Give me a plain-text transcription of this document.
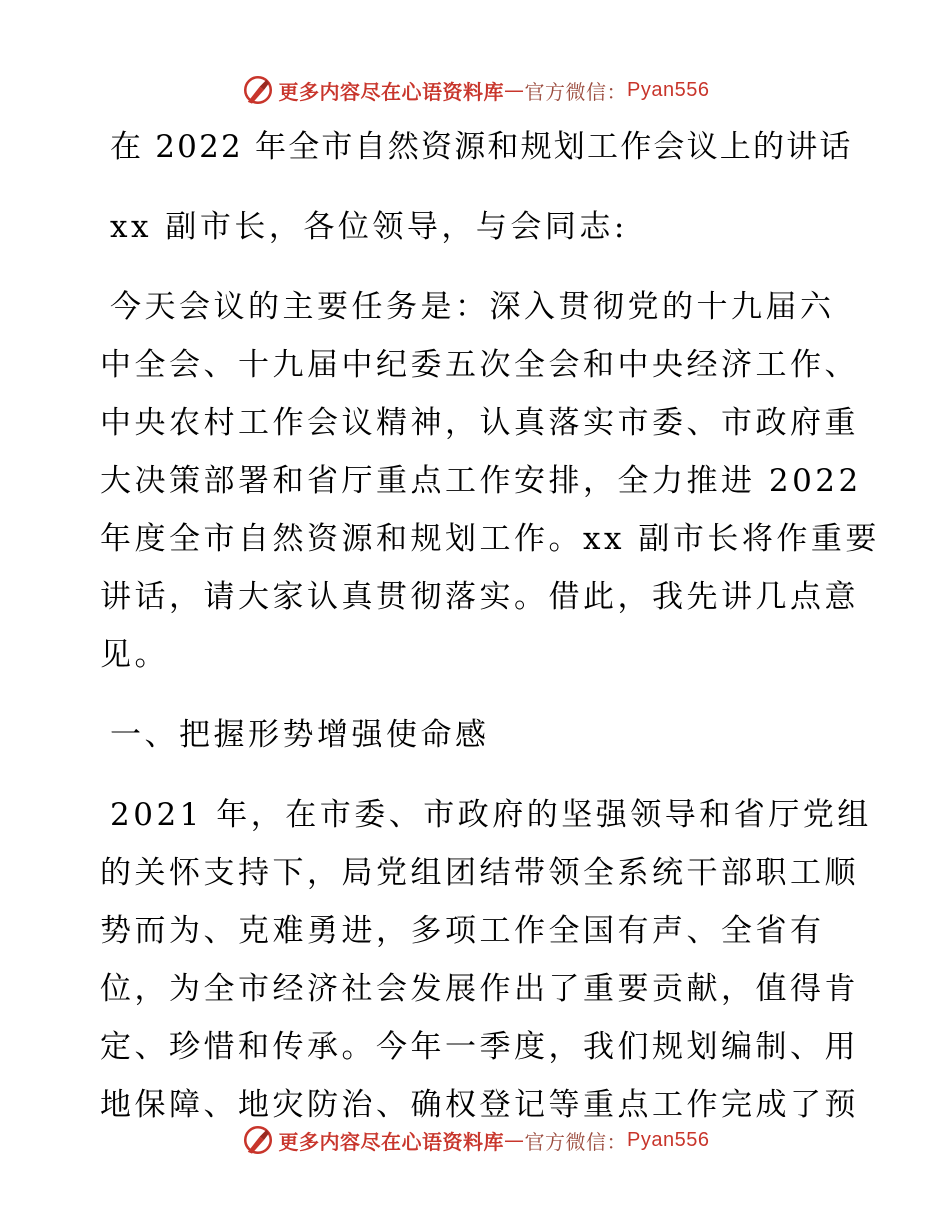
更多内容尽在心语资料库 — 官方微信： Pyan556
在 2022 年全市自然资源和规划工作会议上的讲话
xx 副市长，各位领导，与会同志:
今天会议的主要任务是：深入贯彻党的十九届六
中全会、十九届中纪委五次全会和中央经济工作、
中央农村工作会议精神，认真落实市委、市政府重
大决策部署和省厅重点工作安排，全力推进 2022
年度全市自然资源和规划工作。xx 副市长将作重要
讲话，请大家认真贯彻落实。借此，我先讲几点意
见。
一、把握形势增强使命感
2021 年，在市委、市政府的坚强领导和省厅党组
的关怀支持下，局党组团结带领全系统干部职工顺
势而为、克难勇进，多项工作全国有声、全省有
位，为全市经济社会发展作出了重要贡献，值得肯
定、珍惜和传承。今年一季度，我们规划编制、用
地保障、地灾防治、确权登记等重点工作完成了预
更多内容尽在心语资料库 — 官方微信： Pyan556
